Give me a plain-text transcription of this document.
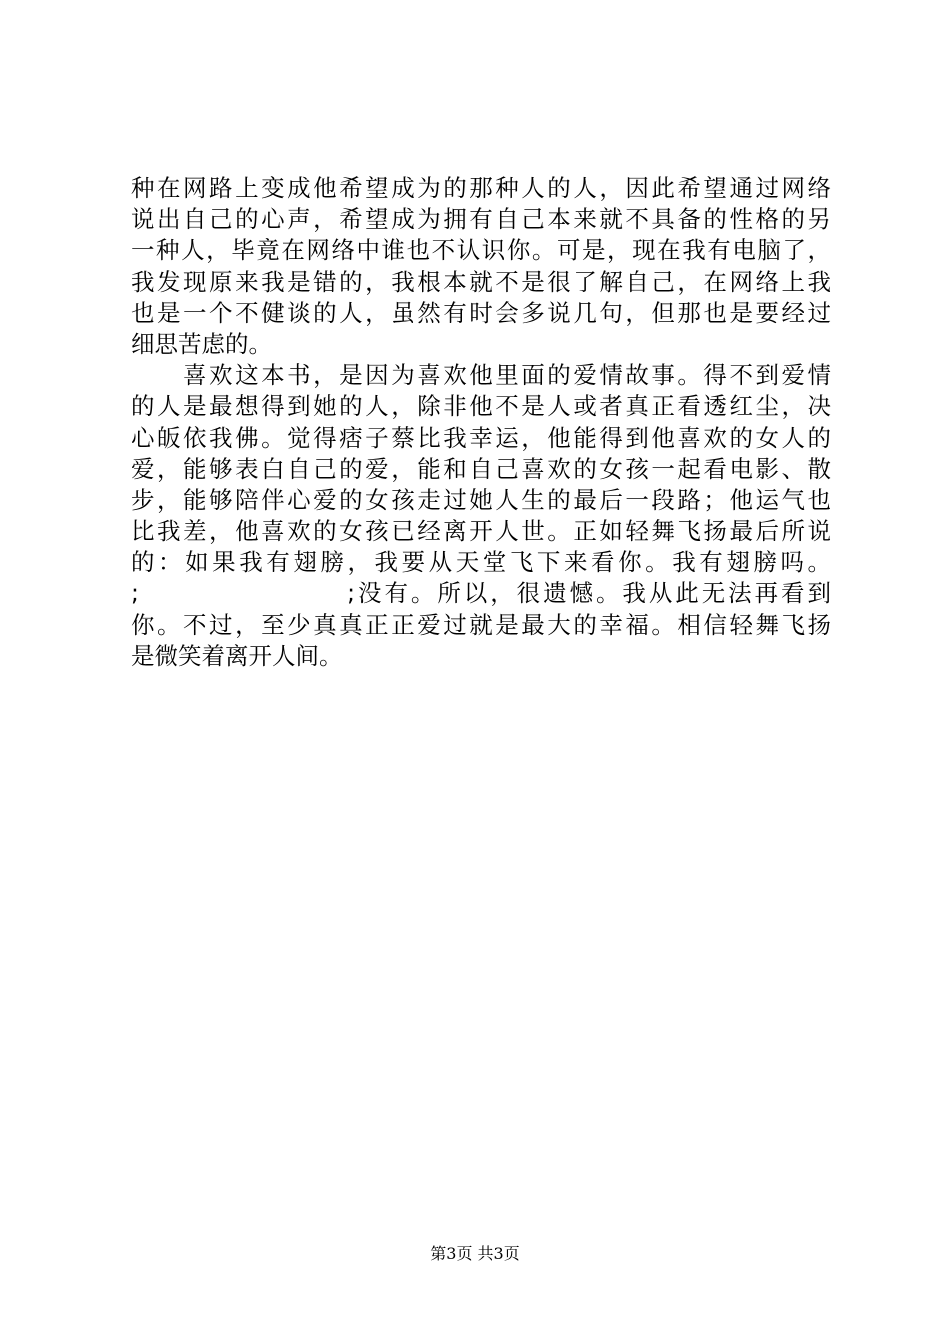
种在网路上变成他希望成为的那种人的人，因此希望通过网络
说出自己的心声，希望成为拥有自己本来就不具备的性格的另
一种人，毕竟在网络中谁也不认识你。可是，现在我有电脑了，
我发现原来我是错的，我根本就不是很了解自己，在网络上我
也是一个不健谈的人，虽然有时会多说几句，但那也是要经过
细思苦虑的。
　　喜欢这本书，是因为喜欢他里面的爱情故事。得不到爱情
的人是最想得到她的人，除非他不是人或者真正看透红尘，决
心皈依我佛。觉得痞子蔡比我幸运，他能得到他喜欢的女人的
爱，能够表白自己的爱，能和自己喜欢的女孩一起看电影、散
步，能够陪伴心爱的女孩走过她人生的最后一段路；他运气也
比我差，他喜欢的女孩已经离开人世。正如轻舞飞扬最后所说
的：如果我有翅膀，我要从天堂飞下来看你。我有翅膀吗。
;                    ;没有。所以，很遗憾。我从此无法再看到
你。不过，至少真真正正爱过就是最大的幸福。相信轻舞飞扬
是微笑着离开人间。
第3页 共3页
